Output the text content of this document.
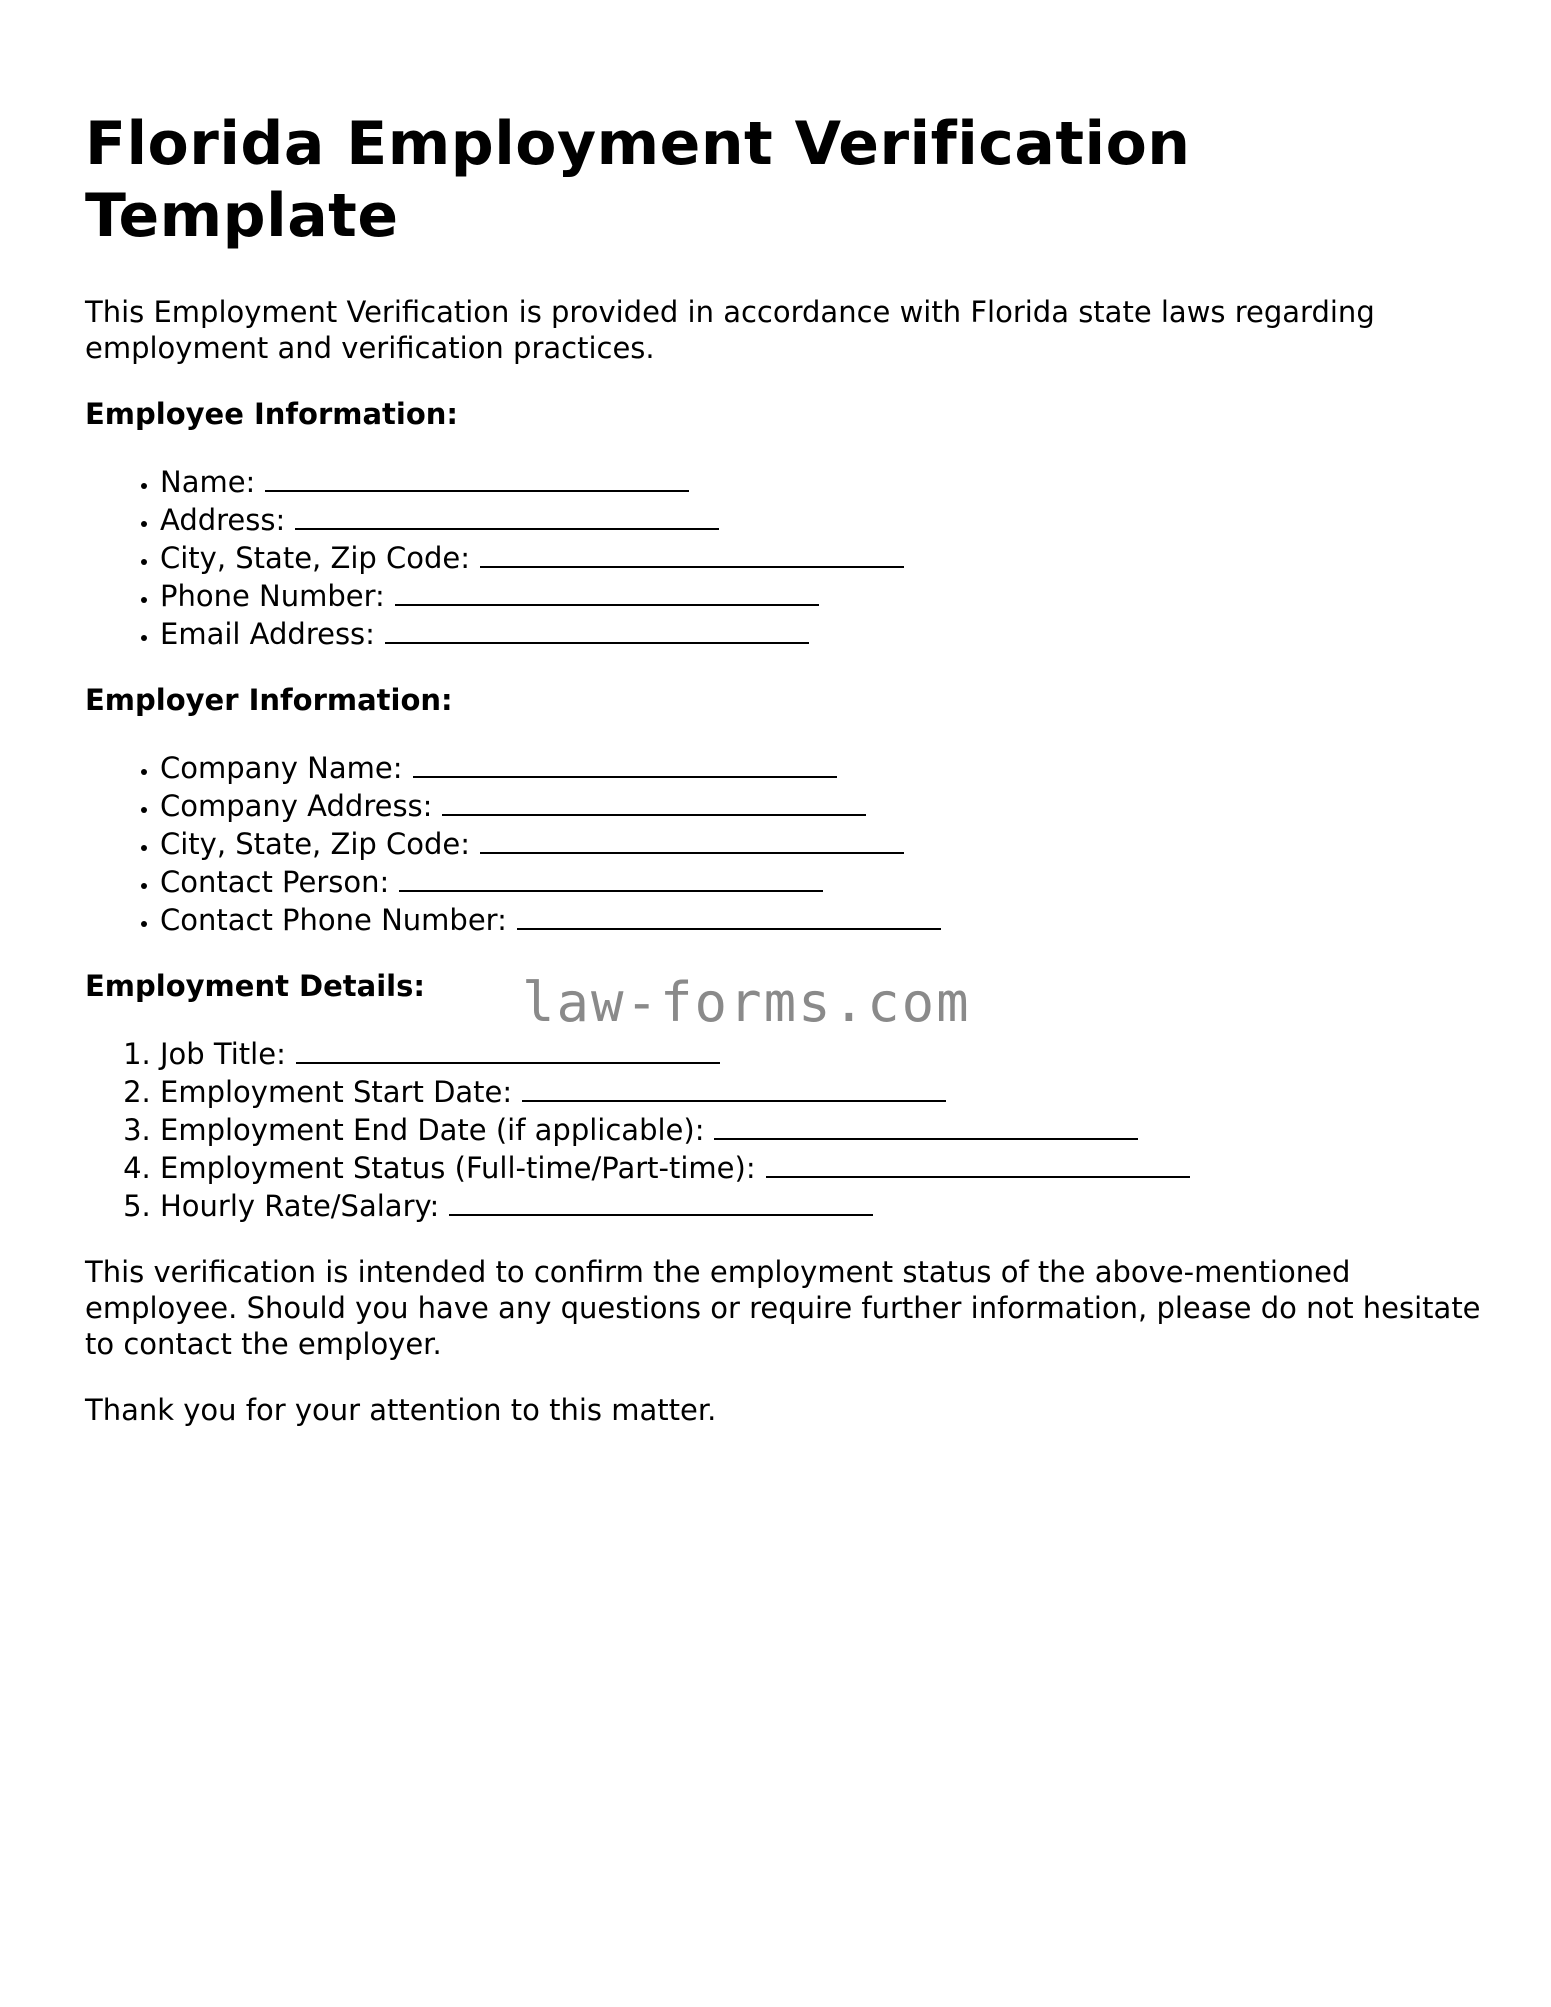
Florida Employment Verification Template

This Employment Verification is provided in accordance with Florida state laws regarding employment and verification practices.

Employee Information:
• Name:
• Address:
• City, State, Zip Code:
• Phone Number:
• Email Address:
Employer Information:
• Company Name:
• Company Address:
• City, State, Zip Code:
• Contact Person:
• Contact Phone Number:
Employment Details:
1. Job Title:
2. Employment Start Date:
3. Employment End Date (if applicable):
4. Employment Status (Full-time/Part-time):
5. Hourly Rate/Salary:

This verification is intended to confirm the employment status of the above-mentioned employee. Should you have any questions or require further information, please do not hesitate to contact the employer.

Thank you for your attention to this matter.

law-forms.com
